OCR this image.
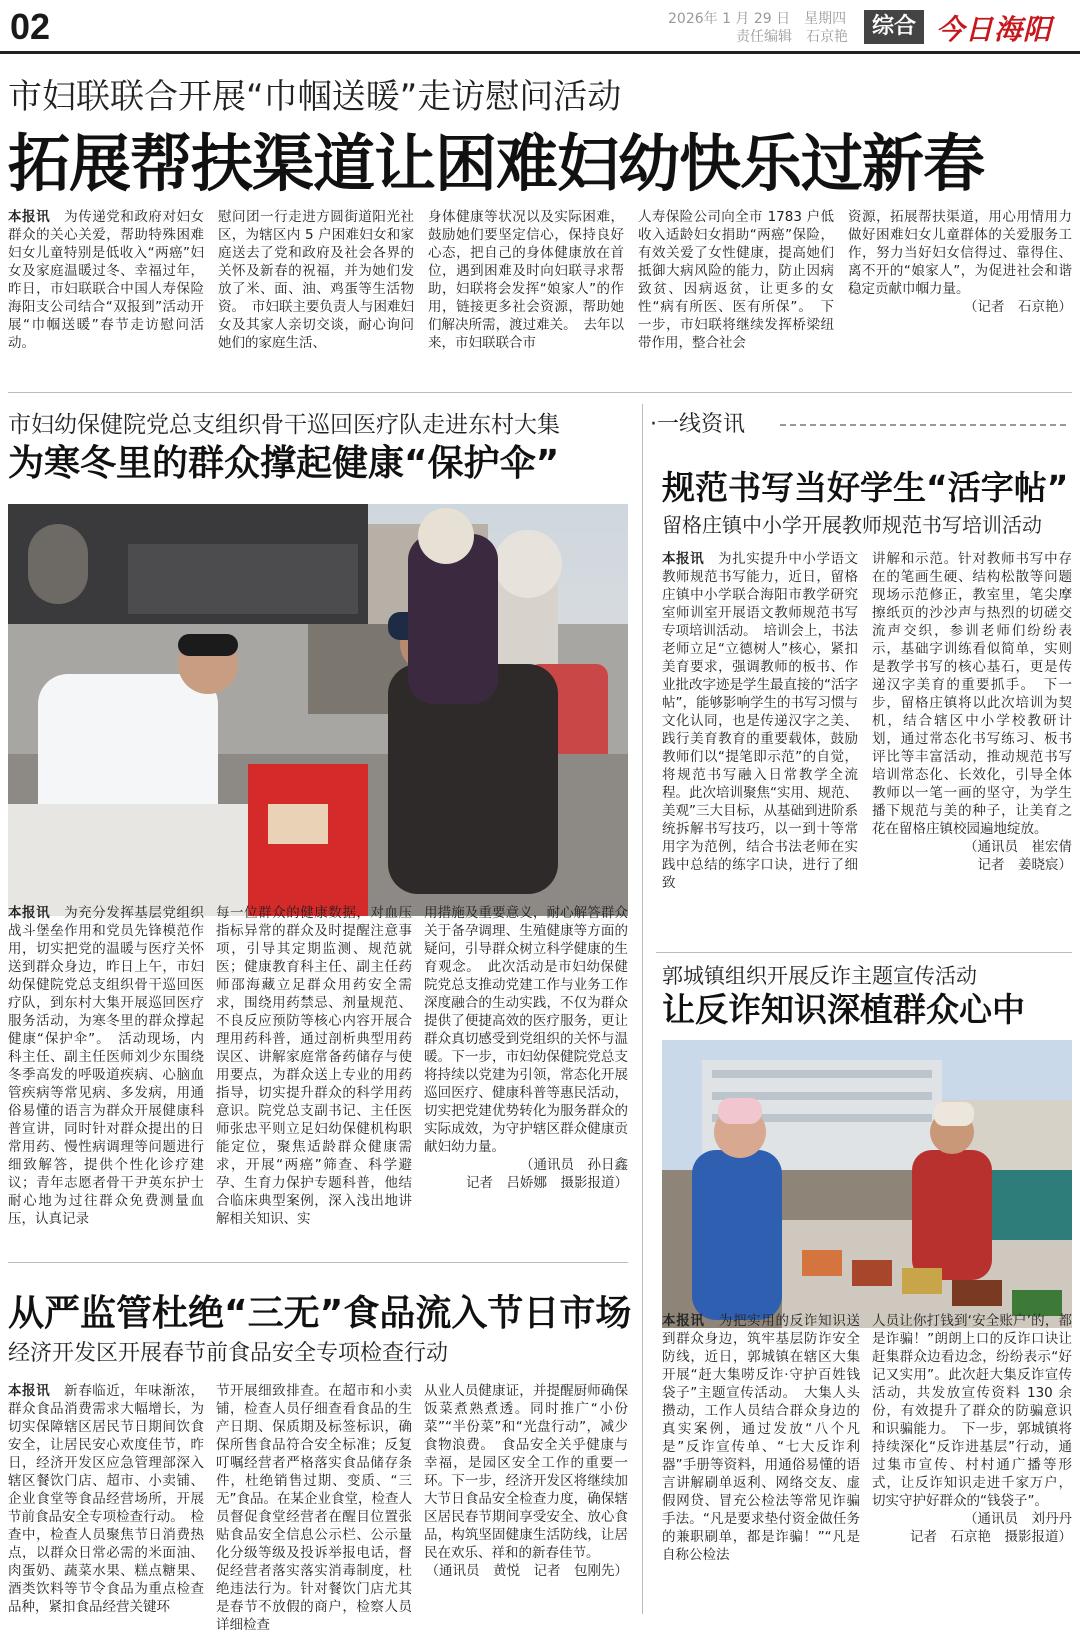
02	2026年 1 月 29 日　星期四
责任编辑　石京艳	综合 今日海阳
市妇联联合开展“巾帼送暖”走访慰问活动
拓展帮扶渠道让困难妇幼快乐过新春
本报讯　 为传递党和政府对妇女群众的关心关爱，帮助特殊困难妇女儿童特别是低收入“两癌”妇女及家庭温暖过冬、幸福过年，昨日，市妇联联合中国人寿保险海阳支公司结合“双报到”活动开展“巾帼送暖”春节走访慰问活动。
慰问团一行走进方圆街道阳光社区，为辖区内 5 户困难妇女和家庭送去了党和政府及社会各界的关怀及新春的祝福，并为她们发放了米、面、油、鸡蛋等生活物资。　市妇联主要负责人与困难妇女及其家人亲切交谈，耐心询问她们的家庭生活、
身体健康等状况以及实际困难，鼓励她们要坚定信心，保持良好心态，把自己的身体健康放在首位，遇到困难及时向妇联寻求帮助，妇联将会发挥“娘家人”的作用，链接更多社会资源，帮助她们解决所需，渡过难关。　去年以来，市妇联联合市
人寿保险公司向全市 1783 户低收入适龄妇女捐助“两癌”保险，有效关爱了女性健康，提高她们抵御大病风险的能力，防止因病致贫、因病返贫，让更多的女性“病有所医、医有所保”。　下一步，市妇联将继续发挥桥梁纽带作用，整合社会
资源，拓展帮扶渠道，用心用情用力做好困难妇女儿童群体的关爱服务工作，努力当好妇女信得过、靠得住、离不开的“娘家人”，为促进社会和谐稳定贡献巾帼力量。
（记者　石京艳）
市妇幼保健院党总支组织骨干巡回医疗队走进东村大集
为寒冬里的群众撑起健康“保护伞”
本报讯　 为充分发挥基层党组织战斗堡垒作用和党员先锋模范作用，切实把党的温暖与医疗关怀送到群众身边，昨日上午，市妇幼保健院党总支组织骨干巡回医疗队，到东村大集开展巡回医疗服务活动，为寒冬里的群众撑起健康“保护伞”。　活动现场，内科主任、副主任医师刘少东围绕冬季高发的呼吸道疾病、心脑血管疾病等常见病、多发病，用通俗易懂的语言为群众开展健康科普宣讲，同时针对群众提出的日常用药、慢性病调理等问题进行细致解答，提供个性化诊疗建议；青年志愿者骨干尹英东护士耐心地为过往群众免费测量血压，认真记录
每一位群众的健康数据，对血压指标异常的群众及时提醒注意事项，引导其定期监测、规范就医；健康教育科主任、副主任药师邵海藏立足群众用药安全需求，围绕用药禁忌、剂量规范、不良反应预防等核心内容开展合理用药科普，通过剖析典型用药误区、讲解家庭常备药储存与使用要点，为群众送上专业的用药指导，切实提升群众的科学用药意识。院党总支副书记、主任医师张忠平则立足妇幼保健机构职能定位，聚焦适龄群众健康需求，开展“两癌”筛查、科学避孕、生育力保护专题科普，他结合临床典型案例，深入浅出地讲解相关知识、实
用措施及重要意义，耐心解答群众关于备孕调理、生殖健康等方面的疑问，引导群众树立科学健康的生育观念。　此次活动是市妇幼保健院党总支推动党建工作与业务工作深度融合的生动实践，不仅为群众提供了便捷高效的医疗服务，更让群众真切感受到党组织的关怀与温暖。下一步，市妇幼保健院党总支将持续以党建为引领，常态化开展巡回医疗、健康科普等惠民活动，切实把党建优势转化为服务群众的实际成效，为守护辖区群众健康贡献妇幼力量。
（通讯员　孙日鑫
记者　吕娇娜　摄影报道）
·一线资讯
规范书写当好学生“活字帖”
留格庄镇中小学开展教师规范书写培训活动
本报讯　 为扎实提升中小学语文教师规范书写能力，近日，留格庄镇中小学联合海阳市教学研究室师训室开展语文教师规范书写专项培训活动。　培训会上，书法老师立足“立德树人”核心，紧扣美育要求，强调教师的板书、作业批改字迹是学生最直接的“活字帖”，能够影响学生的书写习惯与文化认同，也是传递汉字之美、践行美育教育的重要载体，鼓励教师们以“提笔即示范”的自觉，将规范书写融入日常教学全流程。此次培训聚焦“实用、规范、美观”三大目标，从基础到进阶系统拆解书写技巧，以一到十等常用字为范例，结合书法老师在实践中总结的练字口诀，进行了细致
讲解和示范。针对教师书写中存在的笔画生硬、结构松散等问题现场示范修正，教室里，笔尖摩擦纸页的沙沙声与热烈的切磋交流声交织，参训老师们纷纷表示，基础字训练看似简单，实则是教学书写的核心基石，更是传递汉字美育的重要抓手。　下一步，留格庄镇将以此次培训为契机，结合辖区中小学校教研计划，通过常态化书写练习、板书评比等丰富活动，推动规范书写培训常态化、长效化，引导全体教师以一笔一画的坚守，为学生播下规范与美的种子，让美育之花在留格庄镇校园遍地绽放。
（通讯员　崔宏倩
记者　姜晓宸）
郭城镇组织开展反诈主题宣传活动
让反诈知识深植群众心中
本报讯　 为把实用的反诈知识送到群众身边，筑牢基层防诈安全防线，近日，郭城镇在辖区大集开展“赶大集唠反诈·守护百姓钱袋子”主题宣传活动。　大集人头攒动，工作人员结合群众身边的真实案例，通过发放“八个凡是”反诈宣传单、“七大反诈利器”手册等资料，用通俗易懂的语言讲解刷单返利、网络交友、虚假网贷、冒充公检法等常见诈骗手法。“凡是要求垫付资金做任务的兼职刷单，都是诈骗！”“凡是自称公检法
人员让你打钱到‘安全账户’的，都是诈骗！”朗朗上口的反诈口诀让赶集群众边看边念，纷纷表示“好记又实用”。此次赶大集反诈宣传活动，共发放宣传资料 130 余份，有效提升了群众的防骗意识和识骗能力。　下一步，郭城镇将持续深化“反诈进基层”行动，通过集市宣传、村村通广播等形式，让反诈知识走进千家万户，切实守护好群众的“钱袋子”。
（通讯员　刘丹丹
记者　石京艳　摄影报道）
从严监管杜绝“三无”食品流入节日市场
经济开发区开展春节前食品安全专项检查行动
本报讯　 新春临近，年味渐浓，群众食品消费需求大幅增长，为切实保障辖区居民节日期间饮食安全，让居民安心欢度佳节，昨日，经济开发区应急管理部深入辖区餐饮门店、超市、小卖铺、企业食堂等食品经营场所，开展节前食品安全专项检查行动。　检查中，检查人员聚焦节日消费热点，以群众日常必需的米面油、肉蛋奶、蔬菜水果、糕点糖果、酒类饮料等节令食品为重点检查品种，紧扣食品经营关键环
节开展细致排查。在超市和小卖铺，检查人员仔细查看食品的生产日期、保质期及标签标识，确保所售食品符合安全标准；反复叮嘱经营者严格落实食品储存条件，杜绝销售过期、变质、“三无”食品。在某企业食堂，检查人员督促食堂经营者在醒目位置张贴食品安全信息公示栏、公示量化分级等级及投诉举报电话，督促经营者落实落实消毒制度，杜绝违法行为。针对餐饮门店尤其是春节不放假的商户，检察人员详细检查
从业人员健康证，并提醒厨师确保饭菜煮熟煮透。同时推广“小份菜”“半份菜”和“光盘行动”，减少食物浪费。　食品安全关乎健康与幸福，是园区安全工作的重要一环。下一步，经济开发区将继续加大节日食品安全检查力度，确保辖区居民春节期间享受安全、放心食品，构筑坚固健康生活防线，让居民在欢乐、祥和的新春佳节。
（通讯员　黄悦　记者　包刚先）
